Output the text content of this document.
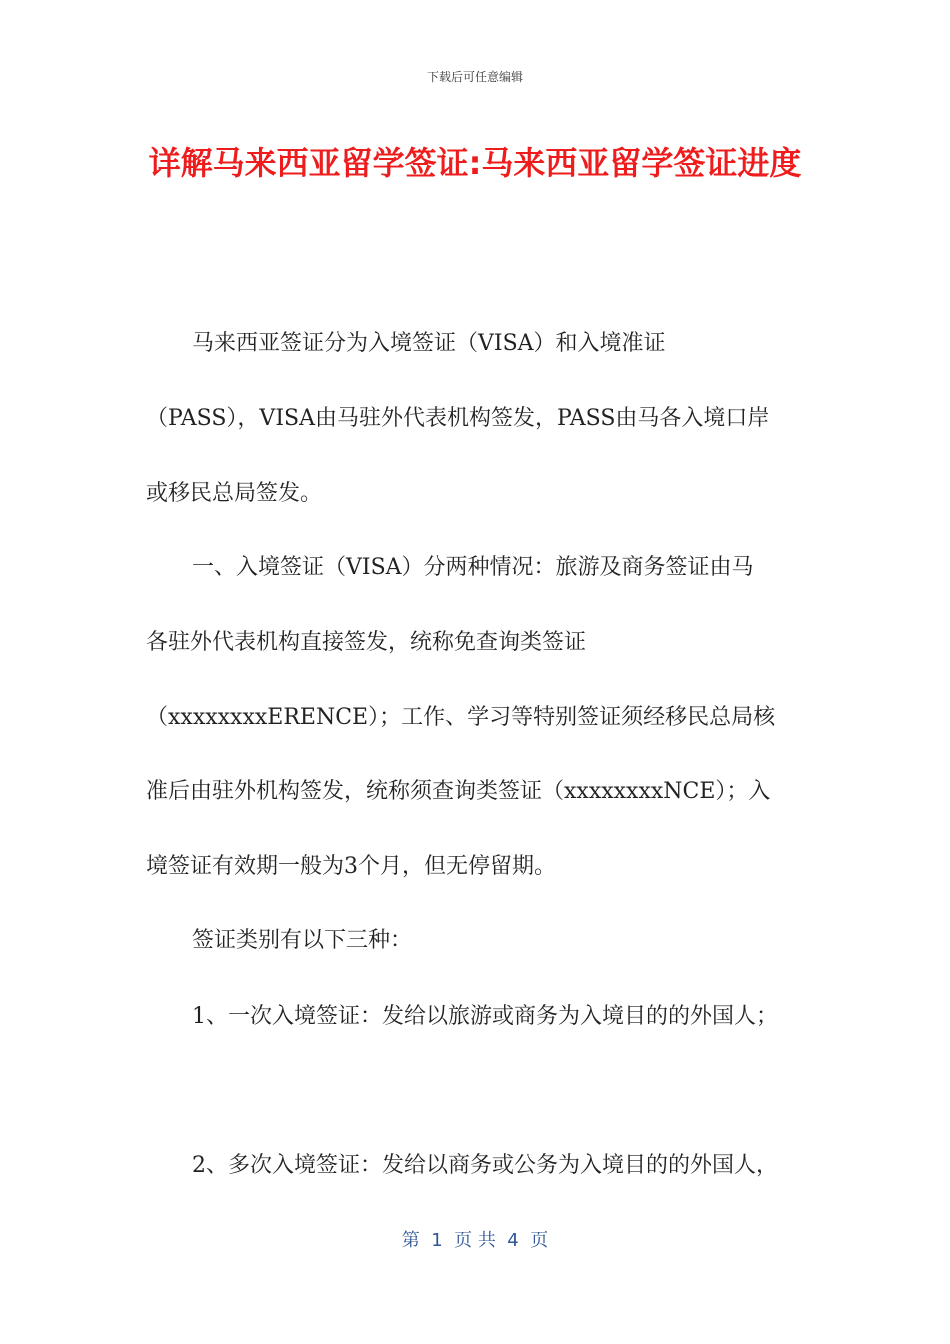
下载后可任意编辑
详解马来西亚留学签证:马来西亚留学签证进度
马来西亚签证分为入境签证（VISA）和入境准证
（PASS），VISA由马驻外代表机构签发，PASS由马各入境口岸
或移民总局签发。
一、入境签证（VISA）分两种情况：旅游及商务签证由马
各驻外代表机构直接签发，统称免查询类签证
（xxxxxxxxERENCE）；工作、学习等特别签证须经移民总局核
准后由驻外机构签发，统称须查询类签证（xxxxxxxxNCE）；入
境签证有效期一般为3个月，但无停留期。
签证类别有以下三种：
1、一次入境签证：发给以旅游或商务为入境目的的外国人；
2、多次入境签证：发给以商务或公务为入境目的的外国人，
第  1  页 共  4  页
